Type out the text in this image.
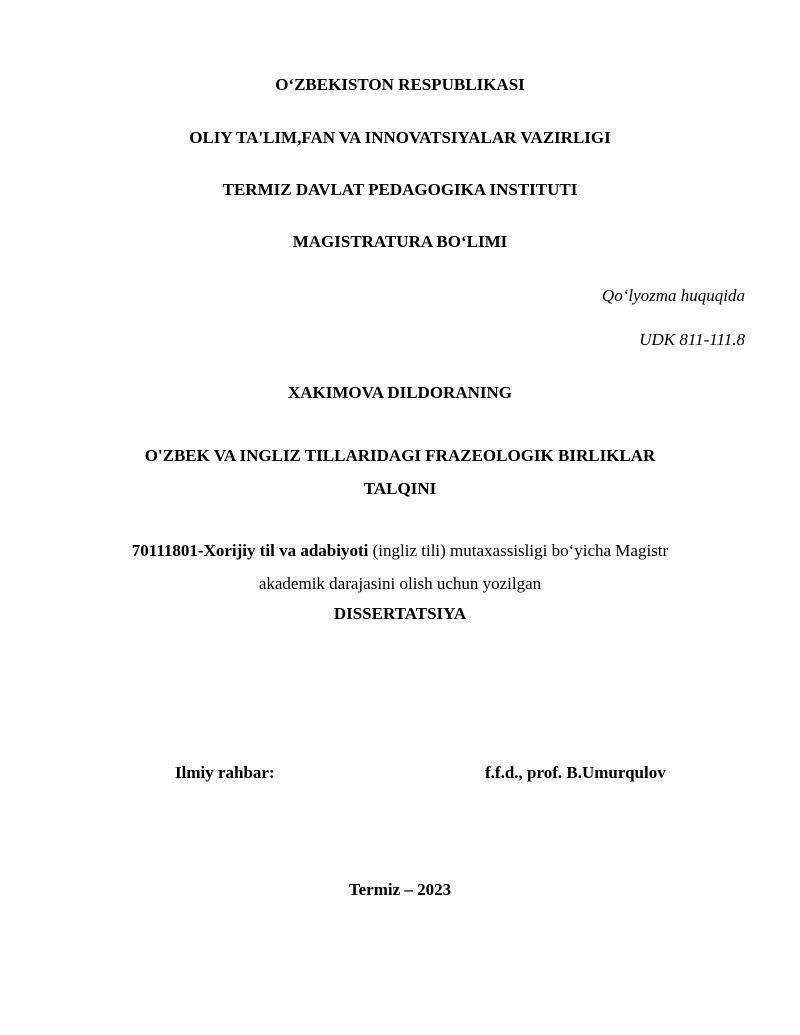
O‘ZBEKISTON RESPUBLIKASI
OLIY TA'LIM,FAN VA INNOVATSIYALAR VAZIRLIGI
TERMIZ DAVLAT PEDAGOGIKA INSTITUTI
MAGISTRATURA BO‘LIMI
Qo‘lyozma huquqida
UDK 811-111.8
XAKIMOVA DILDORANING
O'ZBEK VA INGLIZ TILLARIDAGI FRAZEOLOGIK BIRLIKLAR
TALQINI
70111801-Xorijiy til va adabiyoti (ingliz tili) mutaxassisligi bo‘yicha Magistr
akademik darajasini olish uchun yozilgan
DISSERTATSIYA
Ilmiy rahbar:	f.f.d., prof. B.Umurqulov
Termiz – 2023
